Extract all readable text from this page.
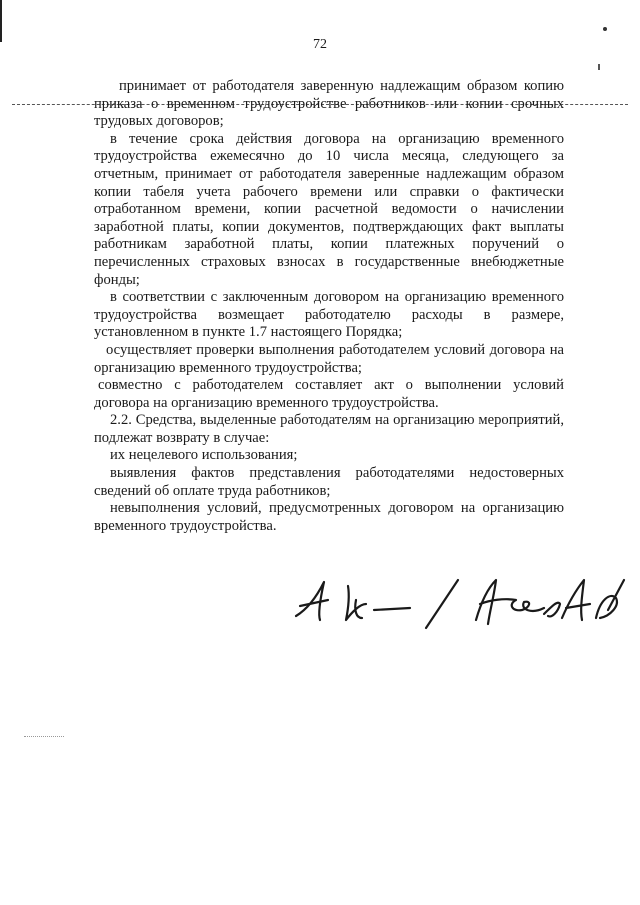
72

принимает от работодателя заверенную надлежащим образом копию приказа о временном трудоустройстве работников или копии срочных трудовых договоров;

в течение срока действия договора на организацию временного трудоустройства ежемесячно до 10 числа месяца, следующего за отчетным, принимает от работодателя заверенные надлежащим образом копии табеля учета рабочего времени или справки о фактически отработанном времени, копии расчетной ведомости о начислении заработной платы, копии документов, подтверждающих факт выплаты работникам заработной платы, копии платежных поручений о перечисленных страховых взносах в государственные внебюджетные фонды;

в соответствии с заключенным договором на организацию временного трудоустройства возмещает работодателю расходы в размере, установленном в пункте 1.7 настоящего Порядка;

осуществляет проверки выполнения работодателем условий договора на организацию временного трудоустройства;

совместно с работодателем составляет акт о выполнении условий договора на организацию временного трудоустройства.

2.2. Средства, выделенные работодателям на организацию мероприятий, подлежат возврату в случае:

их нецелевого использования;

выявления фактов представления работодателями недостоверных сведений об оплате труда работников;

невыполнения условий, предусмотренных договором на организацию временного трудоустройства.
